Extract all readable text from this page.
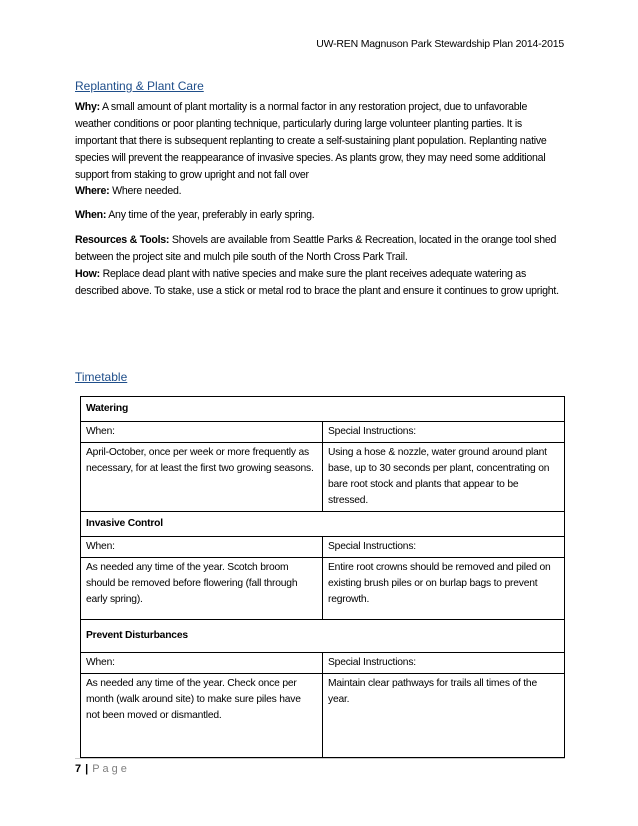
UW-REN Magnuson Park Stewardship Plan 2014-2015
Replanting & Plant Care
Why: A small amount of plant mortality is a normal factor in any restoration project, due to unfavorable weather conditions or poor planting technique, particularly during large volunteer planting parties. It is important that there is subsequent replanting to create a self-sustaining plant population. Replanting native species will prevent the reappearance of invasive species. As plants grow, they may need some additional support from staking to grow upright and not fall over
Where: Where needed.
When: Any time of the year, preferably in early spring.
Resources & Tools: Shovels are available from Seattle Parks & Recreation, located in the orange tool shed between the project site and mulch pile south of the North Cross Park Trail.
How: Replace dead plant with native species and make sure the plant receives adequate watering as described above. To stake, use a stick or metal rod to brace the plant and ensure it continues to grow upright.
Timetable
Watering	
When:	Special Instructions:
April-October, once per week or more frequently as necessary, for at least the first two growing seasons.	Using a hose & nozzle, water ground around plant base, up to 30 seconds per plant, concentrating on bare root stock and plants that appear to be stressed.
Invasive Control	
When:	Special Instructions:
As needed any time of the year. Scotch broom should be removed before flowering (fall through early spring).	Entire root crowns should be removed and piled on existing brush piles or on burlap bags to prevent regrowth.
Prevent Disturbances	
When:	Special Instructions:
As needed any time of the year. Check once per month (walk around site) to make sure piles have not been moved or dismantled.	Maintain clear pathways for trails all times of the year.
7 | Page
